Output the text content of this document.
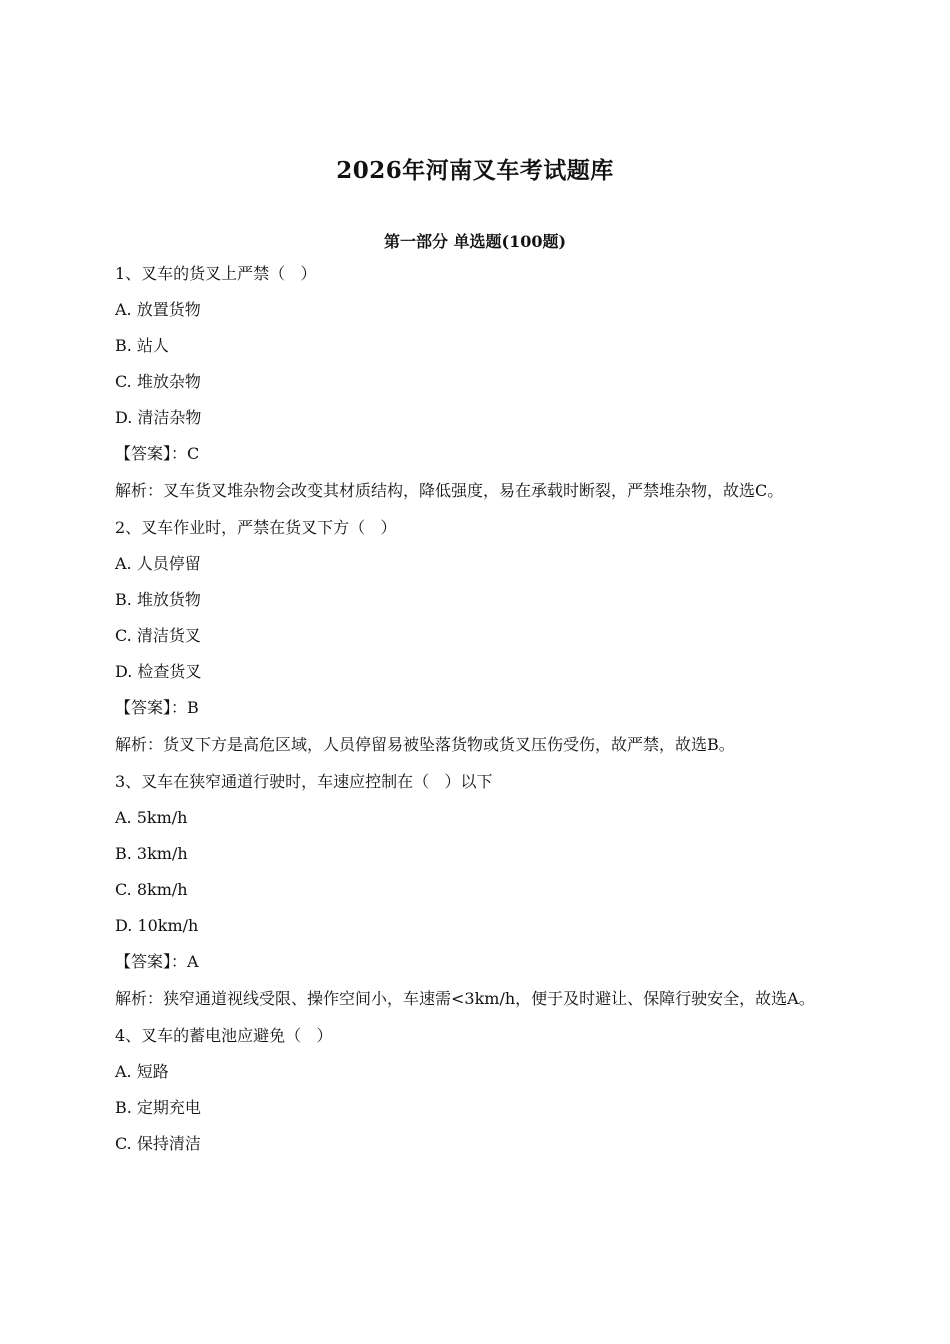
2026年河南叉车考试题库
第一部分 单选题(100题)

1、叉车的货叉上严禁（   ）

A. 放置货物

B. 站人

C. 堆放杂物

D. 清洁杂物

【答案】：C

解析：叉车货叉堆杂物会改变其材质结构，降低强度，易在承载时断裂，严禁堆杂物，故选C。

2、叉车作业时，严禁在货叉下方（   ）

A. 人员停留

B. 堆放货物

C. 清洁货叉

D. 检查货叉

【答案】：B

解析：货叉下方是高危区域，人员停留易被坠落货物或货叉压伤受伤，故严禁，故选B。

3、叉车在狭窄通道行驶时，车速应控制在（   ）以下

A. 5km/h

B. 3km/h

C. 8km/h

D. 10km/h

【答案】：A

解析：狭窄通道视线受限、操作空间小，车速需<3km/h，便于及时避让、保障行驶安全，故选A。

4、叉车的蓄电池应避免（   ）

A. 短路

B. 定期充电

C. 保持清洁
